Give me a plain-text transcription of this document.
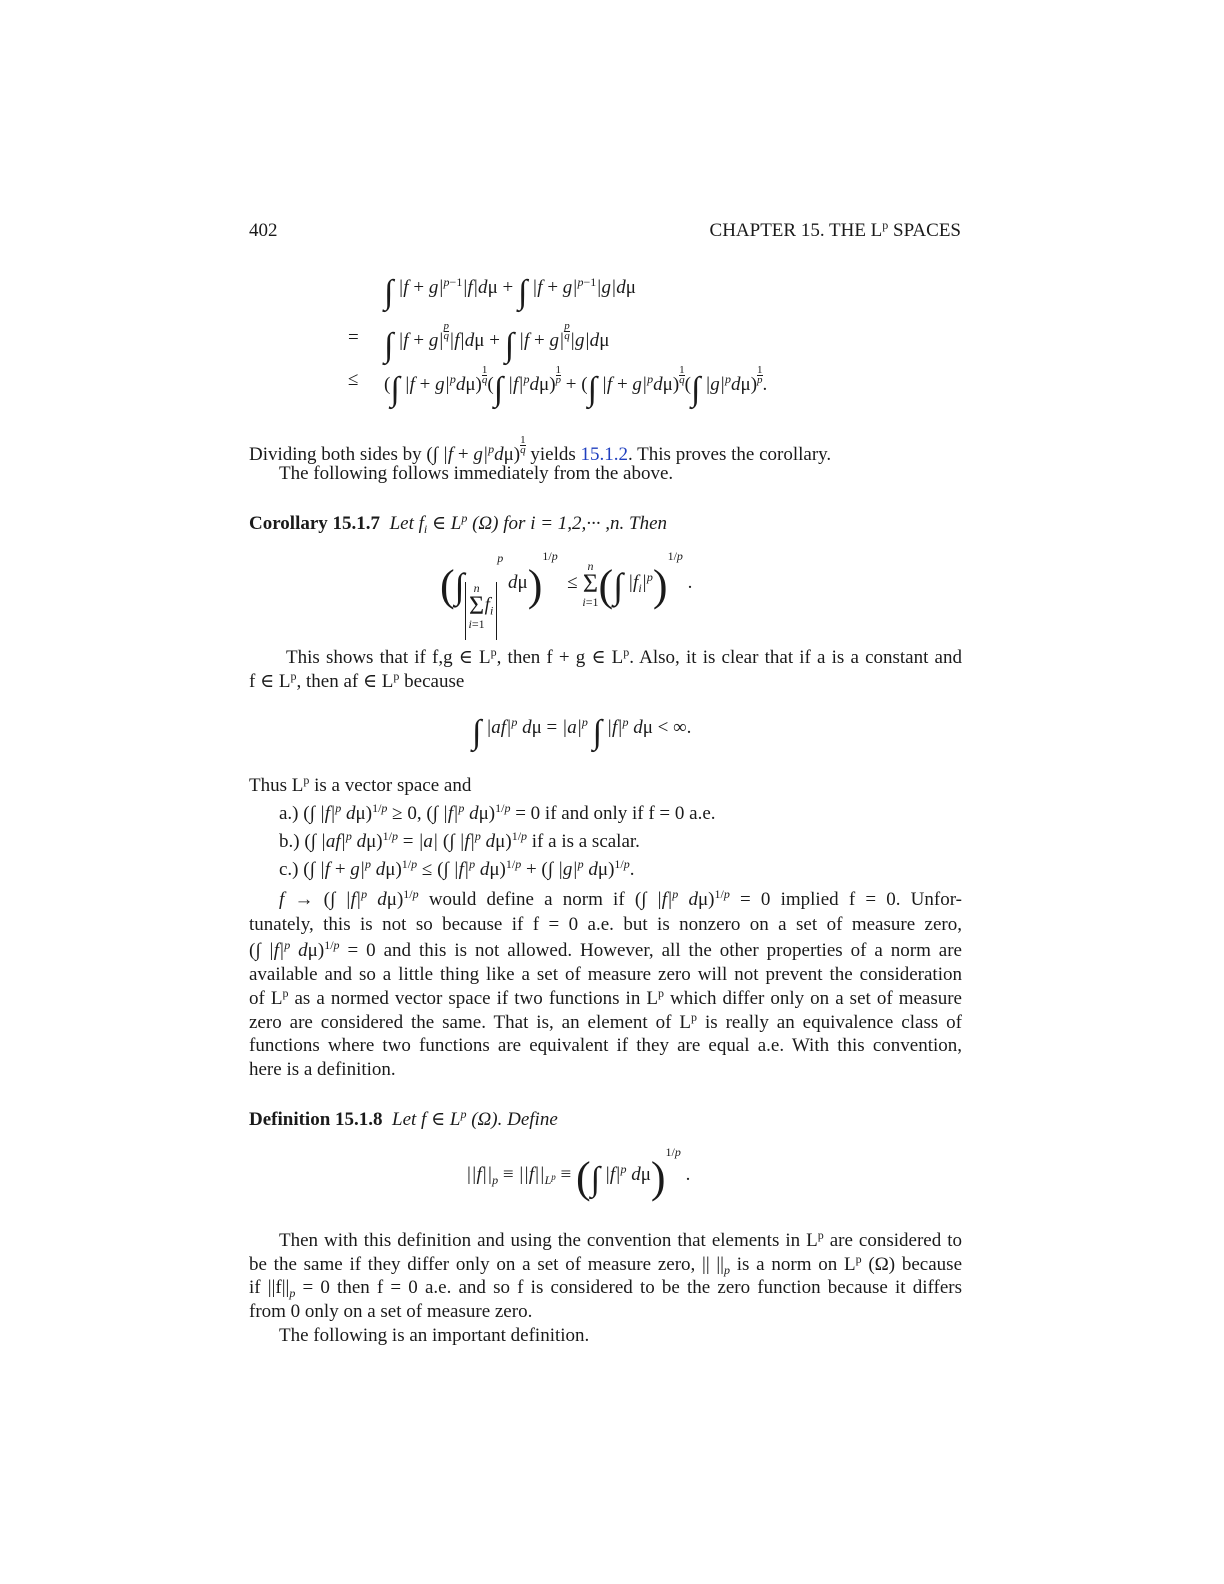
402	CHAPTER 15. THE $L^p$ SPACES
∫ $|f + g|^{p-1}|f|d\mu$ + ∫ $|f + g|^{p-1}|g|d\mu$
= ∫ $|f + g| \frac{p}{q} |f|d\mu$ + ∫ $|f + g| \frac{p}{q} |g|d\mu$
≤ (∫ $|f + g|^pd\mu) \frac{1}{q}$ (∫ $|f|^pd\mu) \frac{1}{p}$ + (∫ $|f + g|^pd\mu) \frac{1}{q}$ (∫ $|g|^pd\mu) \frac{1}{p}$ .
Dividing both sides by (∫ $|f + g|^pd\mu) \frac{1}{q}$ yields 15.1.2. This proves the corollary.
The following follows immediately from the above.
Corollary 15.1.7 Let $f_i$ ∈ $L^p$ (Ω) for i = 1,2,··· ,n. Then
(∫ n
Σ
$i=1f_i^p$ dμ)$^{1/p}$  ≤ n
Σ
i=1(∫ $|f_i|^p)^{1/p}$ .
This shows that if f,g ∈ $L^p$, then f + g ∈ $L^p$. Also, it is clear that if a is a constant and
f ∈ $L^p$, then af ∈ $L^p$ because
∫ $|af|^p$ $d\mu = |a|^p$ ∫ $|f|^p$ dμ < ∞.
Thus $L^p$ is a vector space and
a.) (∫ $|f|^p$ dμ)$^{1/p}$ ≥ 0, (∫ $|f|^p$ dμ)$^{1/p}$ = 0 if and only if f = 0 a.e.
b.) (∫ $|af|^p$ dμ)$^{1/p}$ = |a| (∫ $|f|^p$ dμ)$^{1/p}$ if a is a scalar.
c.) (∫ $|f + g|^p$ dμ)$^{1/p}$ ≤ (∫ $|f|^p$ dμ)$^{1/p}$ + (∫ $|g|^p$ dμ)$^{1/p}$.
f → (∫ $|f|^p$ dμ)$^{1/p}$ would define a norm if (∫ $|f|^p$ dμ)$^{1/p}$ = 0 implied f = 0. Unfor-
tunately, this is not so because if f = 0 a.e. but is nonzero on a set of measure zero,
(∫ $|f|^p$ dμ)$^{1/p}$ = 0 and this is not allowed. However, all the other properties of a norm are
available and so a little thing like a set of measure zero will not prevent the consideration
of $L^p$ as a normed vector space if two functions in $L^p$ which differ only on a set of measure
zero are considered the same. That is, an element of $L^p$ is really an equivalence class of
functions where two functions are equivalent if they are equal a.e. With this convention,
here is a definition.
Definition 15.1.8 Let f ∈ $L^p$ (Ω). Define
$||f||_p \equiv ||f||_{L^p}$ ≡ (∫ $|f|^p$ dμ)$^{1/p}$ .
Then with this definition and using the convention that elements in $L^p$ are considered to
be the same if they differ only on a set of measure zero, || $||_p$ is a norm on $L^p$ (Ω) because
if $||f||_p = 0$ then f = 0 a.e. and so f is considered to be the zero function because it differs
from 0 only on a set of measure zero.
The following is an important definition.
